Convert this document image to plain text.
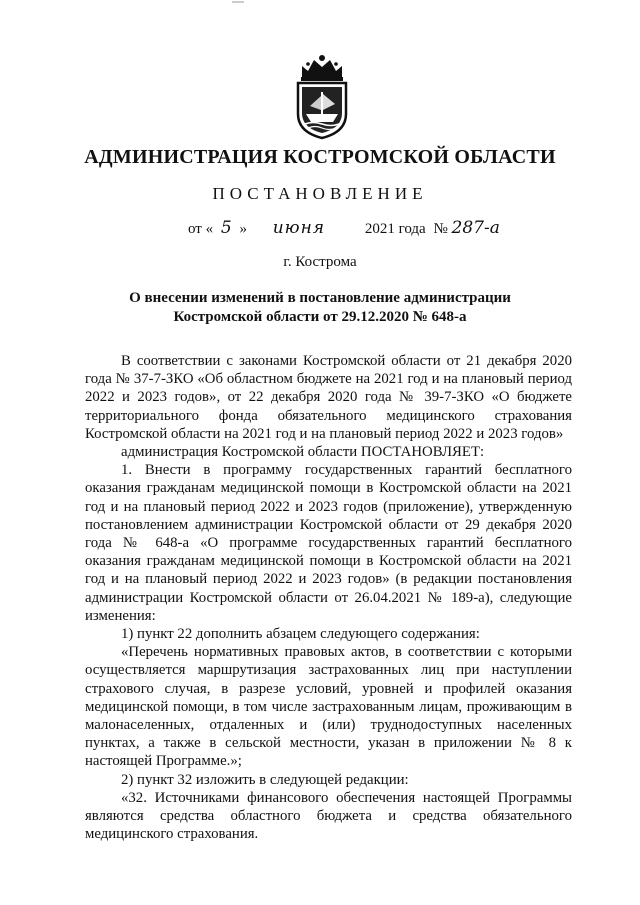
АДМИНИСТРАЦИЯ КОСТРОМСКОЙ ОБЛАСТИ
ПОСТАНОВЛЕНИЕ
от « 5 » июня	2021 года № 287-а
г. Кострома
О внесении изменений в постановление администрации
Костромской области от 29.12.2020 № 648-а

В соответствии с законами Костромской области от 21 декабря 2020 года № 37-7-ЗКО «Об областном бюджете на 2021 год и на плановый период 2022 и 2023 годов», от 22 декабря 2020 года № 39-7-ЗКО «О бюджете территориального фонда обязательного медицинского страхования Костромской области на 2021 год и на плановый период 2022 и 2023 годов»

администрация Костромской области ПОСТАНОВЛЯЕТ:

1. Внести в программу государственных гарантий бесплатного оказания гражданам медицинской помощи в Костромской области на 2021 год и на плановый период 2022 и 2023 годов (приложение), утвержденную постановлением администрации Костромской области от 29 декабря 2020 года № 648-а «О программе государственных гарантий бесплатного оказания гражданам медицинской помощи в Костромской области на 2021 год и на плановый период 2022 и 2023 годов» (в редакции постановления администрации Костромской области от 26.04.2021 № 189-а), следующие изменения:

1) пункт 22 дополнить абзацем следующего содержания:

«Перечень нормативных правовых актов, в соответствии с которыми осуществляется маршрутизация застрахованных лиц при наступлении страхового случая, в разрезе условий, уровней и профилей оказания медицинской помощи, в том числе застрахованным лицам, проживающим в малонаселенных, отдаленных и (или) труднодоступных населенных пунктах, а также в сельской местности, указан в приложении № 8 к настоящей Программе.»;

2) пункт 32 изложить в следующей редакции:

«32. Источниками финансового обеспечения настоящей Программы являются средства областного бюджета и средства обязательного медицинского страхования.
